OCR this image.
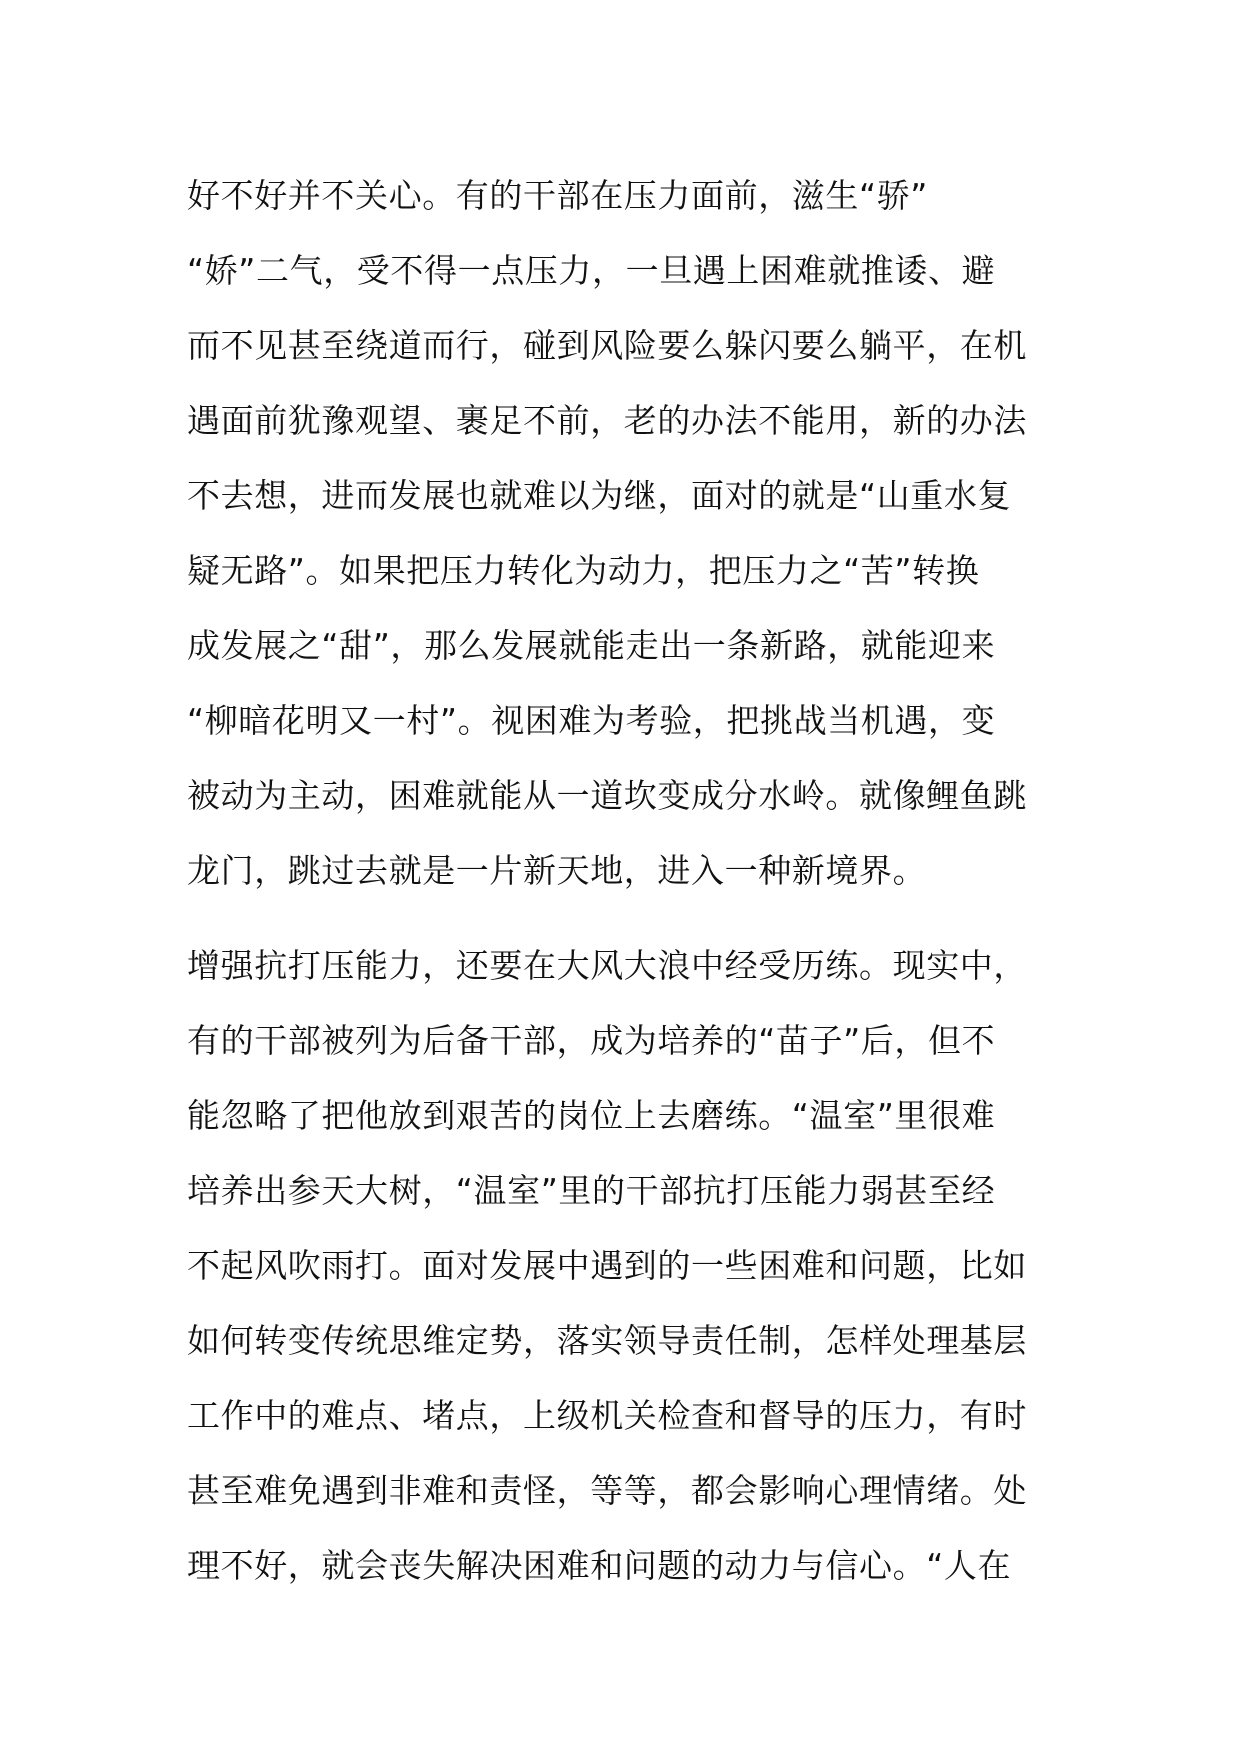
好不好并不关心。有的干部在压力面前，滋生“骄”
“娇”二气，受不得一点压力，一旦遇上困难就推诿、避
而不见甚至绕道而行，碰到风险要么躲闪要么躺平，在机
遇面前犹豫观望、裹足不前，老的办法不能用，新的办法
不去想，进而发展也就难以为继，面对的就是“山重水复
疑无路”。如果把压力转化为动力，把压力之“苦”转换
成发展之“甜”，那么发展就能走出一条新路，就能迎来
“柳暗花明又一村”。视困难为考验，把挑战当机遇，变
被动为主动，困难就能从一道坎变成分水岭。就像鲤鱼跳
龙门，跳过去就是一片新天地，进入一种新境界。
增强抗打压能力，还要在大风大浪中经受历练。现实中，
有的干部被列为后备干部，成为培养的“苗子”后，但不
能忽略了把他放到艰苦的岗位上去磨练。“温室”里很难
培养出参天大树，“温室”里的干部抗打压能力弱甚至经
不起风吹雨打。面对发展中遇到的一些困难和问题，比如
如何转变传统思维定势，落实领导责任制，怎样处理基层
工作中的难点、堵点，上级机关检查和督导的压力，有时
甚至难免遇到非难和责怪，等等，都会影响心理情绪。处
理不好，就会丧失解决困难和问题的动力与信心。“人在
